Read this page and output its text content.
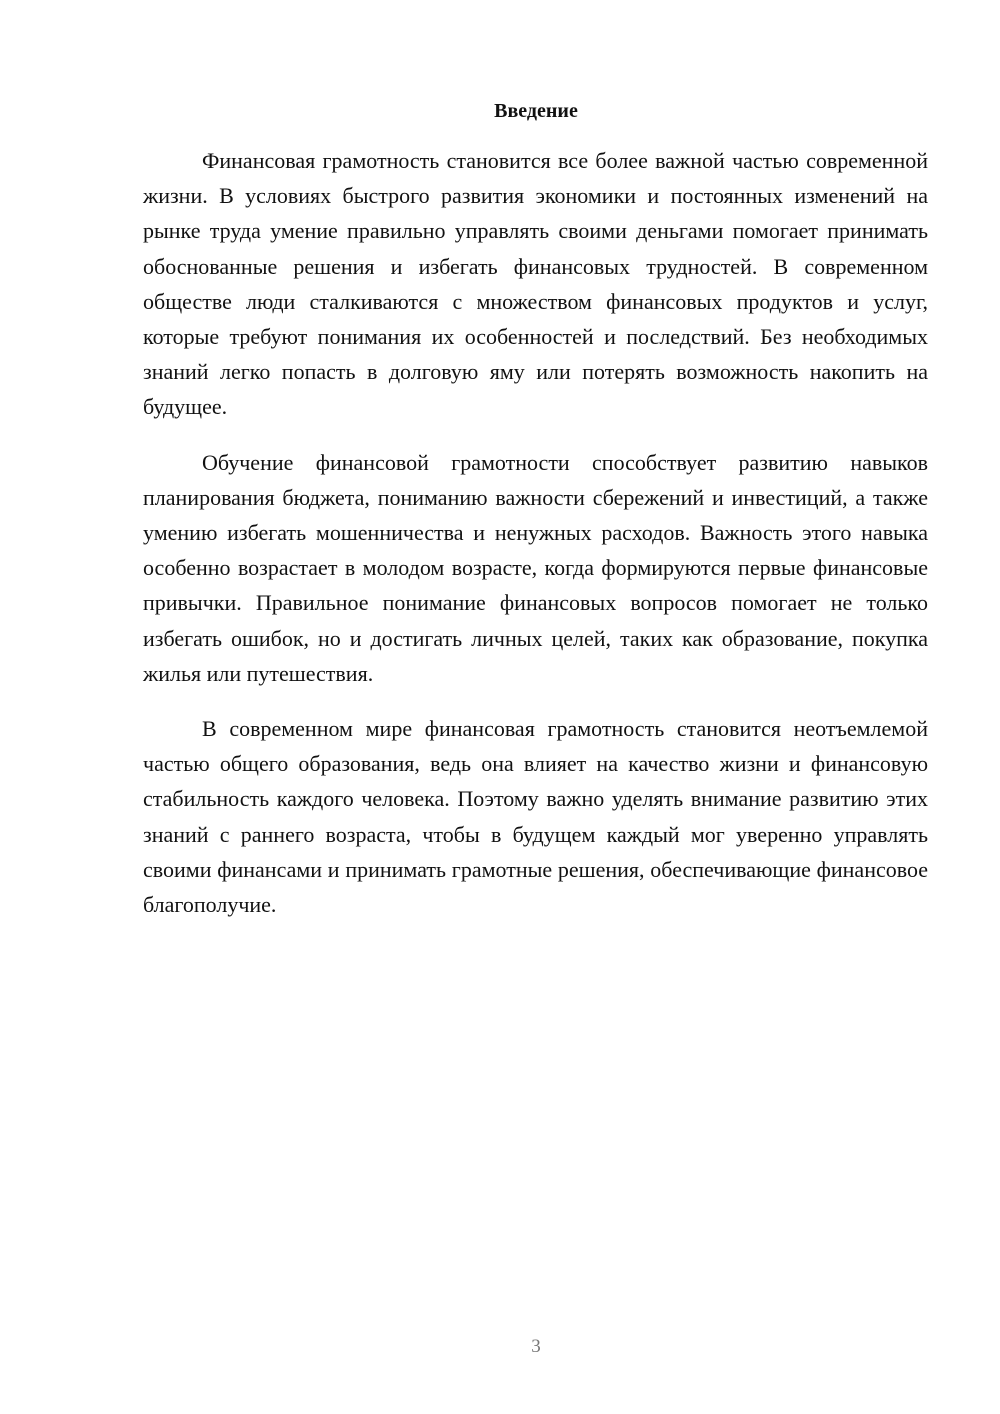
Введение

Финансовая грамотность становится все более важной частью современной жизни. В условиях быстрого развития экономики и постоянных изменений на рынке труда умение правильно управлять своими деньгами помогает принимать обоснованные решения и избегать финансовых трудностей. В современном обществе люди сталкиваются с множеством финансовых продуктов и услуг, которые требуют понимания их особенностей и последствий. Без необходимых знаний легко попасть в долговую яму или потерять возможность накопить на будущее.

Обучение финансовой грамотности способствует развитию навыков планирования бюджета, пониманию важности сбережений и инвестиций, а также умению избегать мошенничества и ненужных расходов. Важность этого навыка особенно возрастает в молодом возрасте, когда формируются первые финансовые привычки. Правильное понимание финансовых вопросов помогает не только избегать ошибок, но и достигать личных целей, таких как образование, покупка жилья или путешествия.

В современном мире финансовая грамотность становится неотъемлемой частью общего образования, ведь она влияет на качество жизни и финансовую стабильность каждого человека. Поэтому важно уделять внимание развитию этих знаний с раннего возраста, чтобы в будущем каждый мог уверенно управлять своими финансами и принимать грамотные решения, обеспечивающие финансовое благополучие.

3
